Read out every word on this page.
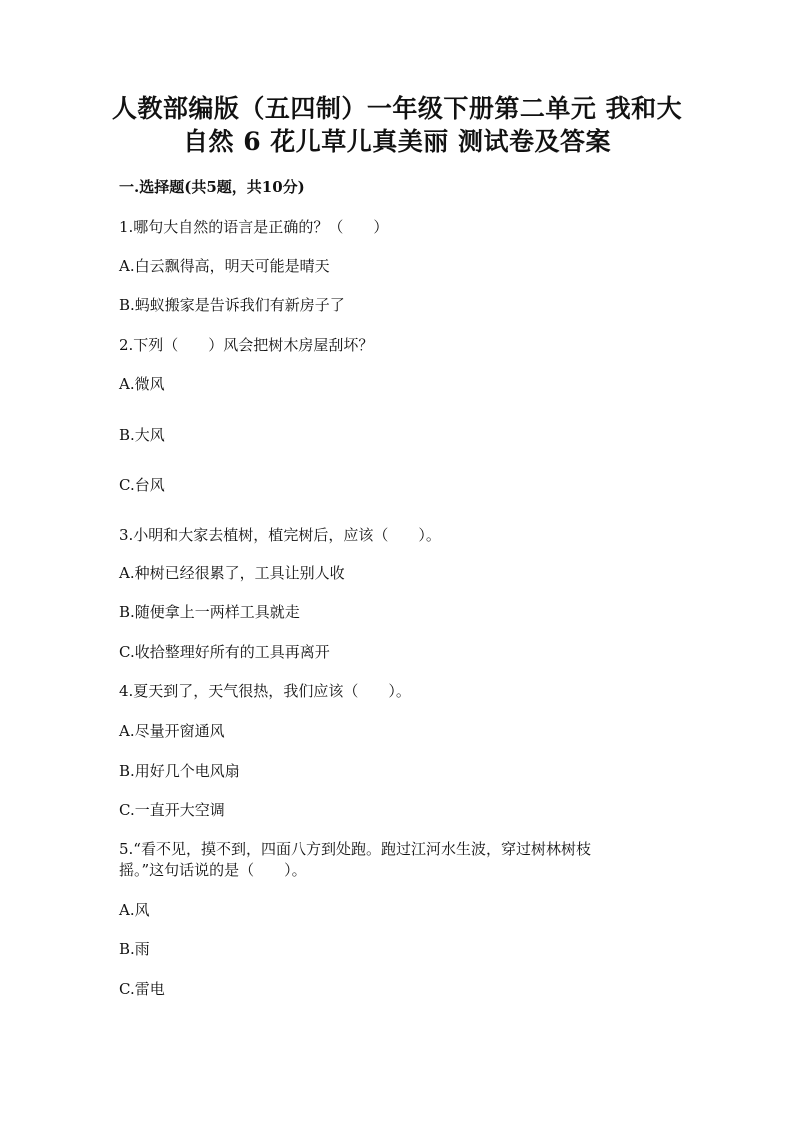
人教部编版（五四制）一年级下册第二单元 我和大
自然 6 花儿草儿真美丽 测试卷及答案
一.选择题(共5题，共10分)
1.哪句大自然的语言是正确的？（　　）
A.白云飘得高，明天可能是晴天
B.蚂蚁搬家是告诉我们有新房子了
2.下列（　　）风会把树木房屋刮坏？
A.微风
B.大风
C.台风
3.小明和大家去植树，植完树后，应该（　　）。
A.种树已经很累了，工具让别人收
B.随便拿上一两样工具就走
C.收拾整理好所有的工具再离开
4.夏天到了，天气很热，我们应该（　　）。
A.尽量开窗通风
B.用好几个电风扇
C.一直开大空调
5.“看不见，摸不到，四面八方到处跑。跑过江河水生波，穿过树林树枝
摇。”这句话说的是（　　）。
A.风
B.雨
C.雷电
